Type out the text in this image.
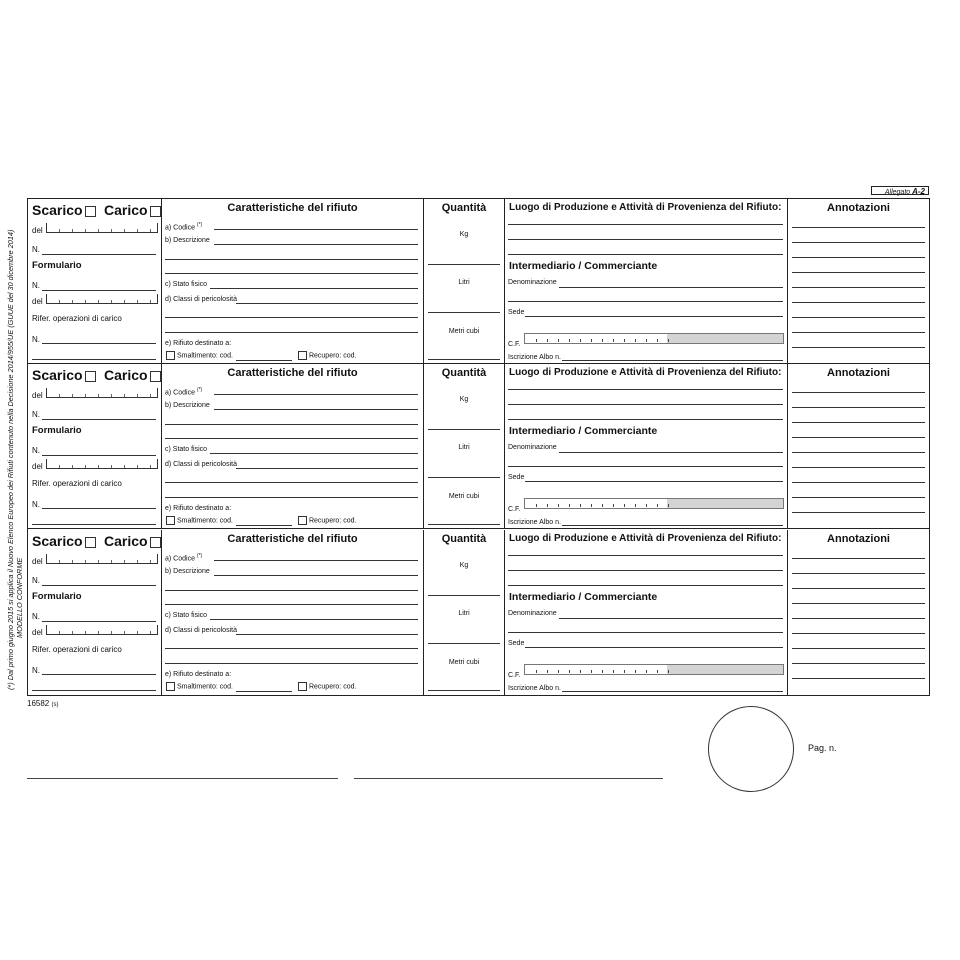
Allegato A-2
(*) Dal primo giugno 2015 si applica il Nuovo Elenco Europeo dei Rifiuti contenuto nella Decisione 2014/955/UE (GUUE del 30 dicembre 2014) MODELLO CONFORME
Scarico	Carico
del
N.
Formulario
N.
del
Rifer. operazioni di carico
N.
Caratteristiche del rifiuto
a) Codice (*)
b) Descrizione
c) Stato fisico
d) Classi di pericolosità
e) Rifiuto destinato a:
Smaltimento: cod.	Recupero: cod.
Quantità
Kg
Litri
Metri cubi
Luogo di Produzione e Attività di Provenienza del Rifiuto:
Intermediario / Commerciante
Denominazione
Sede
C.F.
Iscrizione Albo n.
Annotazioni
Scarico	Carico
del
N.
Formulario
N.
del
Rifer. operazioni di carico
N.
Caratteristiche del rifiuto
a) Codice (*)
b) Descrizione
c) Stato fisico
d) Classi di pericolosità
e) Rifiuto destinato a:
Smaltimento: cod.	Recupero: cod.
Quantità
Kg
Litri
Metri cubi
Luogo di Produzione e Attività di Provenienza del Rifiuto:
Intermediario / Commerciante
Denominazione
Sede
C.F.
Iscrizione Albo n.
Annotazioni
Scarico	Carico
del
N.
Formulario
N.
del
Rifer. operazioni di carico
N.
Caratteristiche del rifiuto
a) Codice (*)
b) Descrizione
c) Stato fisico
d) Classi di pericolosità
e) Rifiuto destinato a:
Smaltimento: cod.	Recupero: cod.
Quantità
Kg
Litri
Metri cubi
Luogo di Produzione e Attività di Provenienza del Rifiuto:
Intermediario / Commerciante
Denominazione
Sede
C.F.
Iscrizione Albo n.
Annotazioni
16582 (s)
Pag. n.
